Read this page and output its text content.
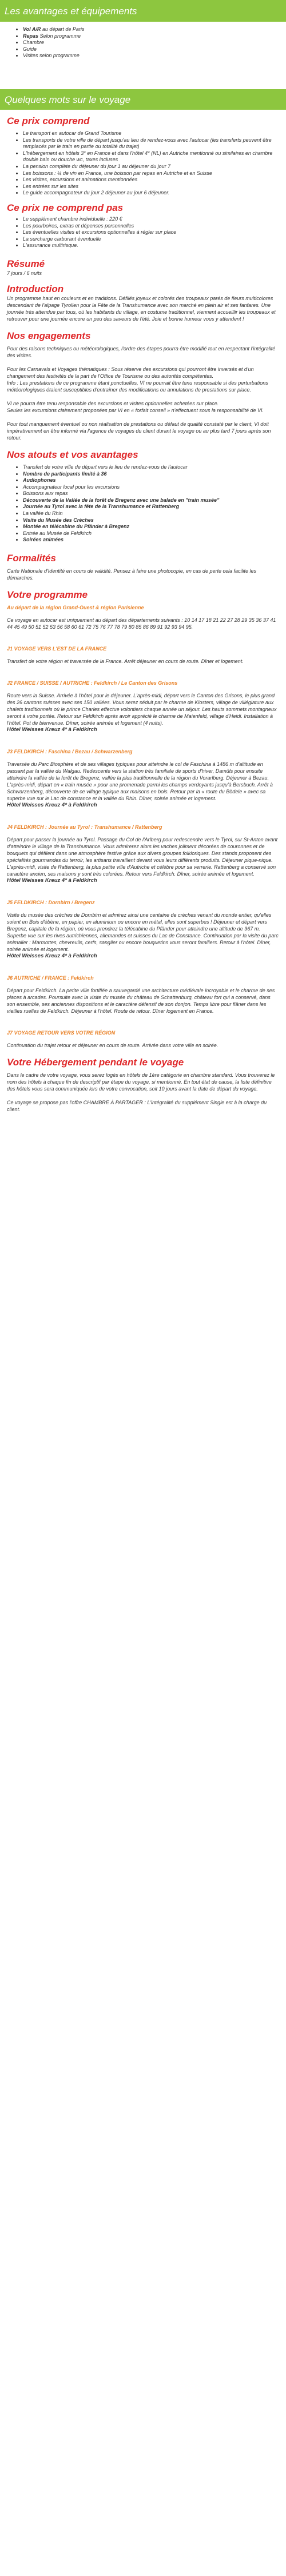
Les avantages et équipements
• Vol A/R au départ de Paris
• Repas Selon programme
• Chambre
• Guide
• Visites selon programme
Quelques mots sur le voyage
Ce prix comprend
• Le transport en autocar de Grand Tourisme
• Les transports de votre ville de départ jusqu'au lieu de rendez-vous avec l'autocar (les transferts peuvent être remplacés par le train en partie ou totalité du trajet)
• L'hébergement en hôtels 3* en France et dans l'hôtel 4* (NL) en Autriche mentionné ou similaires en chambre double bain ou douche wc, taxes incluses
• La pension complète du déjeuner du jour 1 au déjeuner du jour 7
• Les boissons : ¼ de vin en France, une boisson par repas en Autriche et en Suisse
• Les visites, excursions et animations mentionnées
• Les entrées sur les sites
• Le guide accompagnateur du jour 2 déjeuner au jour 6 déjeuner.
Ce prix ne comprend pas
• Le supplément chambre individuelle : 220 €
• Les pourboires, extras et dépenses personnelles
• Les éventuelles visites et excursions optionnelles à régler sur place
• La surcharge carburant éventuelle
• L'assurance multirisque.
Résumé

7 jours / 6 nuits

Introduction

Un programme haut en couleurs et en traditions. Défilés joyeux et colorés des troupeaux parés de fleurs multicolores descendant de l'alpage Tyrolien pour la Fête de la Transhumance avec son marché en plein air et ses fanfares. Une journée très attendue par tous, où les habitants du village, en costume traditionnel, viennent accueillir les troupeaux et retrouver pour une journée encore un peu des saveurs de l'été. Joie et bonne humeur vous y attendent !

Nos engagements

Pour des raisons techniques ou météorologiques, l'ordre des étapes pourra être modifié tout en respectant l'intégralité des visites.

Pour les Carnavals et Voyages thématiques : Sous réserve des excursions qui pourront être inversés et d'un changement des festivités de la part de l'Office de Tourisme ou des autorités compétentes.

Info : Les prestations de ce programme étant ponctuelles, VI ne pourrait être tenu responsable si des perturbations météorologiques étaient susceptibles d'entraîner des modifications ou annulations de prestations sur place.

VI ne pourra être tenu responsable des excursions et visites optionnelles achetées sur place.

Seules les excursions clairement proposées par VI en « forfait conseil » n'effectuent sous la responsabilité de VI.

Pour tout manquement éventuel ou non réalisation de prestations ou défaut de qualité constaté par le client, VI doit impérativement en être informé via l'agence de voyages du client durant le voyage ou au plus tard 7 jours après son retour.

Nos atouts et vos avantages
• Transfert de votre ville de départ vers le lieu de rendez-vous de l'autocar
• Nombre de participants limité à 36
• Audiophones
• Accompagnateur local pour les excursions
• Boissons aux repas
• Découverte de la Vallée de la forêt de Bregenz avec une balade en "train musée"
• Journée au Tyrol avec la fête de la Transhumance et Rattenberg
• La vallée du Rhin
• Visite du Musée des Crèches
• Montée en télécabine du Pfänder à Bregenz
• Entrée au Musée de Feldkirch
• Soirées animées
Formalités

Carte Nationale d'Identité en cours de validité. Pensez à faire une photocopie, en cas de perte cela facilite les démarches.

Votre programme

Au départ de la région Grand-Ouest & région Parisienne

Ce voyage en autocar est uniquement au départ des départements suivants : 10 14 17 18 21 22 27 28 29 35 36 37 41 44 45 49 50 51 52 53 56 58 60 61 72 75 76 77 78 79 80 85 86 89 91 92 93 94 95.

J1 VOYAGE VERS L'EST DE LA FRANCE

Transfert de votre région et traversée de la France. Arrêt déjeuner en cours de route. Dîner et logement.

J2 FRANCE / SUISSE / AUTRICHE : Feldkirch / Le Canton des Grisons

Route vers la Suisse. Arrivée à l'hôtel pour le déjeuner. L'après-midi, départ vers le Canton des Grisons, le plus grand des 26 cantons suisses avec ses 150 vallées. Vous serez séduit par le charme de Klosters, village de villégiature aux chalets traditionnels où le prince Charles effectue volontiers chaque année un séjour. Les hauts sommets montagneux seront à votre portée. Retour sur Feldkirch après avoir apprécié le charme de Maienfeld, village d'Heidi. Installation à l'hôtel. Pot de bienvenue. Dîner, soirée animée et logement (4 nuits).

Hôtel Weisses Kreuz 4* à Feldkirch

J3 FELDKIRCH : Faschina / Bezau / Schwarzenberg

Traversée du Parc Biosphère et de ses villages typiques pour atteindre le col de Faschina à 1486 m d'altitude en passant par la vallée du Walgau. Redescente vers la station très familiale de sports d'hiver, Damüls pour ensuite atteindre la vallée de la forêt de Bregenz, vallée la plus traditionnelle de la région du Vorarlberg. Déjeuner à Bezau. L'après-midi, départ en « train musée » pour une promenade parmi les champs verdoyants jusqu'à Bersbuch. Arrêt à Schwarzenberg, découverte de ce village typique aux maisons en bois. Retour par la « route du Bödele » avec sa superbe vue sur le Lac de constance et la vallée du Rhin. Dîner, soirée animée et logement.

Hôtel Weisses Kreuz 4* à Feldkirch

J4 FELDKIRCH : Journée au Tyrol : Transhumance / Rattenberg

Départ pour passer la journée au Tyrol. Passage du Col de l'Arlberg pour redescendre vers le Tyrol, sur St-Anton avant d'atteindre le village de la Transhumance. Vous admirerez alors les vaches joliment décorées de couronnes et de bouquets qui défilent dans une atmosphère festive grâce aux divers groupes folkloriques. Des stands proposent des spécialités gourmandes du terroir, les artisans travaillent devant vous leurs différents produits. Déjeuner pique-nique. L'après-midi, visite de Rattenberg, la plus petite ville d'Autriche et célèbre pour sa verrerie. Rattenberg a conservé son caractère ancien, ses maisons y sont très colorées. Retour vers Feldkirch. Dîner, soirée animée et logement.

Hôtel Weisses Kreuz 4* à Feldkirch

J5 FELDKIRCH : Dornbirn / Bregenz

Visite du musée des crèches de Dornbirn et admirez ainsi une centaine de crèches venant du monde entier, qu'elles soient en Bois d'ébène, en papier, en aluminium ou encore en métal, elles sont superbes ! Déjeuner et départ vers Bregenz, capitale de la région, où vous prendrez la télécabine du Pfänder pour atteindre une altitude de 967 m. Superbe vue sur les rives autrichiennes, allemandes et suisses du Lac de Constance. Continuation par la visite du parc animalier : Marmottes, chevreuils, cerfs, sanglier ou encore bouquetins vous seront familiers. Retour à l'hôtel. Dîner, soirée animée et logement.

Hôtel Weisses Kreuz 4* à Feldkirch

J6 AUTRICHE / FRANCE : Feldkirch

Départ pour Feldkirch. La petite ville fortifiée a sauvegardé une architecture médiévale incroyable et le charme de ses places à arcades. Poursuite avec la visite du musée du château de Schattenburg, château fort qui a conservé, dans son ensemble, ses anciennes dispositions et le caractère défensif de son donjon. Temps libre pour flâner dans les vieilles ruelles de Feldkirch. Déjeuner à l'hôtel. Route de retour. Dîner logement en France.

J7 VOYAGE RETOUR VERS VOTRE RÉGION

Continuation du trajet retour et déjeuner en cours de route. Arrivée dans votre ville en soirée.

Votre Hébergement pendant le voyage

Dans le cadre de votre voyage, vous serez logés en hôtels de 1ère catégorie en chambre standard. Vous trouverez le nom des hôtels à chaque fin de descriptif par étape du voyage, si mentionné. En tout état de cause, la liste définitive des hôtels vous sera communiquée lors de votre convocation, soit 10 jours avant la date de départ du voyage.

Ce voyage se propose pas l'offre CHAMBRE À PARTAGER : L'intégralité du supplément Single est à la charge du client.
